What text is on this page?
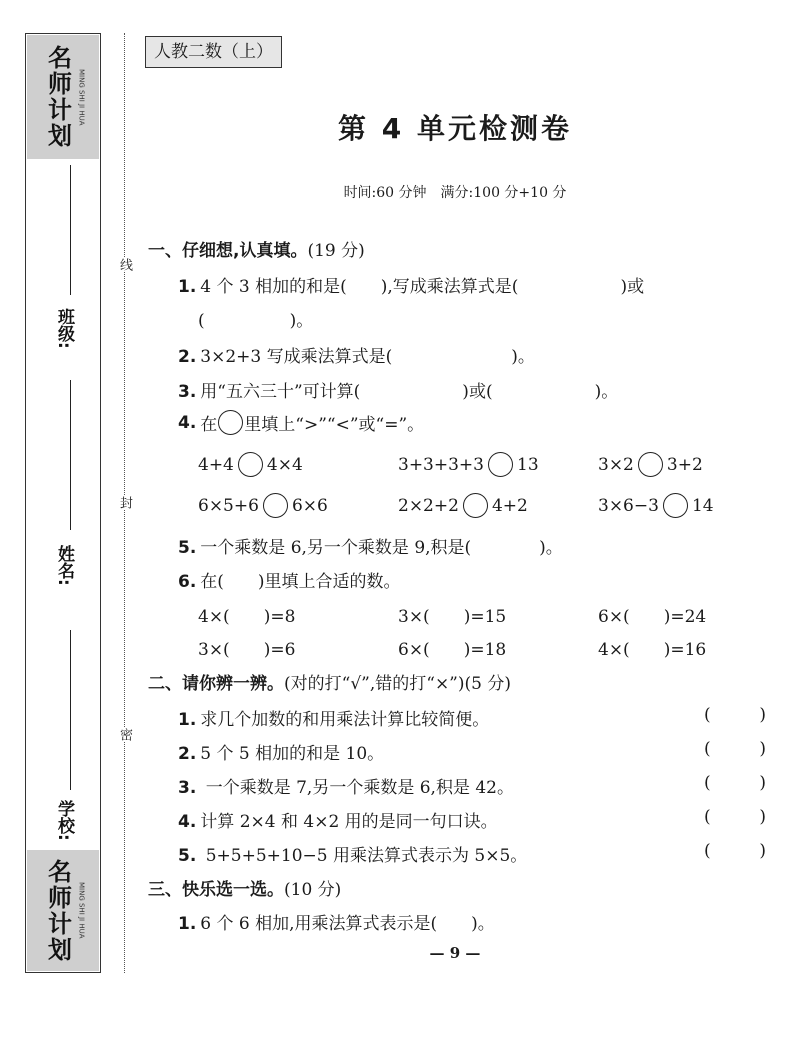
名师计划 MING SHI JI HUA
名师计划 MING SHI JI HUA
班级:
姓名:
学校:
线
封
密
人教二数（上）
第 4 单元检测卷
时间:60 分钟　满分:100 分+10 分
一、仔细想,认真填。(19 分)
1. 4 个 3 相加的和是(　　),写成乘法算式是(　　　　　　)或
(　　　　　)。
2. 3×2+3 写成乘法算式是(　　　　　　　)。
3. 用“五六三十”可计算(　　　　　　)或(　　　　　　)。
4. 在 里填上“>”“<”或“=”。
4+4 4×4	3+3+3+3 13	3×2 3+2
6×5+6 6×6	2×2+2 4+2	3×6−3 14
5. 一个乘数是 6,另一个乘数是 9,积是(　　　　)。
6. 在(　　)里填上合适的数。
4×(　　)=8	3×(　　)=15	6×(　　)=24
3×(　　)=6	6×(　　)=18	4×(　　)=16
二、请你辨一辨。(对的打“√”,错的打“×”)(5 分)
1. 求几个加数的和用乘法计算比较简便。	(	)
2. 5 个 5 相加的和是 10。	(	)
3. 一个乘数是 7,另一个乘数是 6,积是 42。	(	)
4. 计算 2×4 和 4×2 用的是同一句口诀。	(	)
5. 5+5+5+10−5 用乘法算式表示为 5×5。	(	)
三、快乐选一选。(10 分)
1. 6 个 6 相加,用乘法算式表示是(　　)。
— 9 —
